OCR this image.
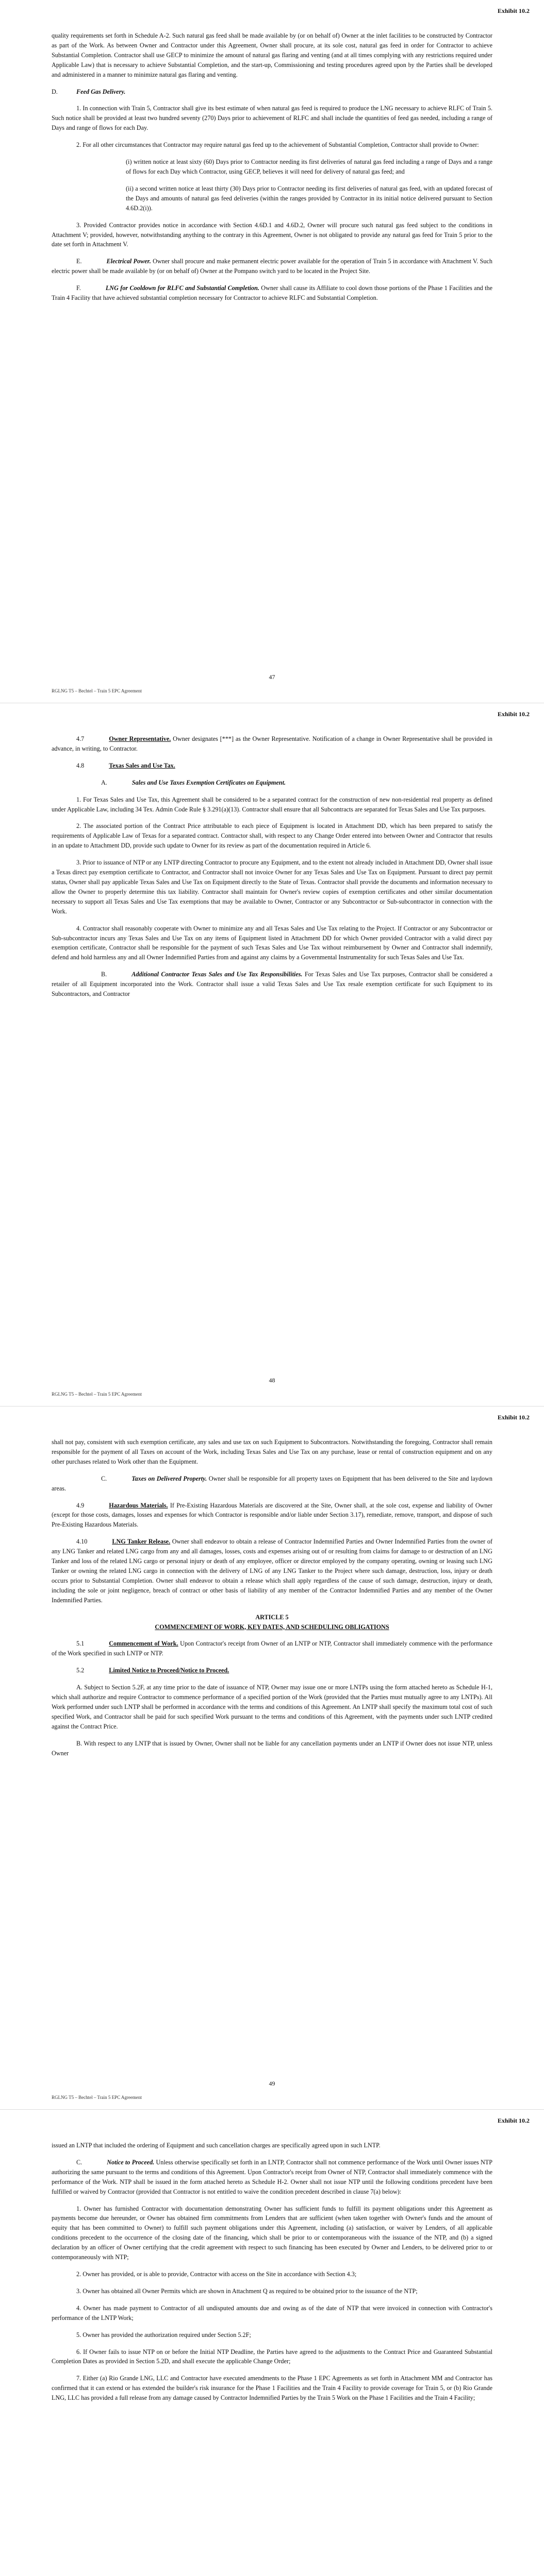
Exhibit 10.2

quality requirements set forth in Schedule A-2. Such natural gas feed shall be made available by (or on behalf of) Owner at the inlet facilities to be constructed by Contractor as part of the Work. As between Owner and Contractor under this Agreement, Owner shall procure, at its sole cost, natural gas feed in order for Contractor to achieve Substantial Completion. Contractor shall use GECP to minimize the amount of natural gas flaring and venting (and at all times complying with any restrictions required under Applicable Law) that is necessary to achieve Substantial Completion, and the start-up, Commissioning and testing procedures agreed upon by the Parties shall be developed and administered in a manner to minimize natural gas flaring and venting.

D.	Feed Gas Delivery.

1. In connection with Train 5, Contractor shall give its best estimate of when natural gas feed is required to produce the LNG necessary to achieve RLFC of Train 5. Such notice shall be provided at least two hundred seventy (270) Days prior to achievement of RLFC and shall include the quantities of feed gas needed, including a range of Days and range of flows for each Day.

2. For all other circumstances that Contractor may require natural gas feed up to the achievement of Substantial Completion, Contractor shall provide to Owner:

(i) written notice at least sixty (60) Days prior to Contractor needing its first deliveries of natural gas feed including a range of Days and a range of flows for each Day which Contractor, using GECP, believes it will need for delivery of natural gas feed; and

(ii) a second written notice at least thirty (30) Days prior to Contractor needing its first deliveries of natural gas feed, with an updated forecast of the Days and amounts of natural gas feed deliveries (within the ranges provided by Contractor in its initial notice delivered pursuant to Section 4.6D.2(i)).

3. Provided Contractor provides notice in accordance with Section 4.6D.1 and 4.6D.2, Owner will procure such natural gas feed subject to the conditions in Attachment V; provided, however, notwithstanding anything to the contrary in this Agreement, Owner is not obligated to provide any natural gas feed for Train 5 prior to the date set forth in Attachment V.

E.	Electrical Power. Owner shall procure and make permanent electric power available for the operation of Train 5 in accordance with Attachment V. Such electric power shall be made available by (or on behalf of) Owner at the Pompano switch yard to be located in the Project Site.

F.	LNG for Cooldown for RLFC and Substantial Completion. Owner shall cause its Affiliate to cool down those portions of the Phase 1 Facilities and the Train 4 Facility that have achieved substantial completion necessary for Contractor to achieve RLFC and Substantial Completion.

RGLNG T5 – Bechtel – Train 5 EPC Agreement
47
Exhibit 10.2

4.7	Owner Representative. Owner designates [***] as the Owner Representative. Notification of a change in Owner Representative shall be provided in advance, in writing, to Contractor.

4.8	Texas Sales and Use Tax.

A.	Sales and Use Taxes Exemption Certificates on Equipment.

1. For Texas Sales and Use Tax, this Agreement shall be considered to be a separated contract for the construction of new non-residential real property as defined under Applicable Law, including 34 Tex. Admin Code Rule § 3.291(a)(13). Contractor shall ensure that all Subcontracts are separated for Texas Sales and Use Tax purposes.

2. The associated portion of the Contract Price attributable to each piece of Equipment is located in Attachment DD, which has been prepared to satisfy the requirements of Applicable Law of Texas for a separated contract. Contractor shall, with respect to any Change Order entered into between Owner and Contractor that results in an update to Attachment DD, provide such update to Owner for its review as part of the documentation required in Article 6.

3. Prior to issuance of NTP or any LNTP directing Contractor to procure any Equipment, and to the extent not already included in Attachment DD, Owner shall issue a Texas direct pay exemption certificate to Contractor, and Contractor shall not invoice Owner for any Texas Sales and Use Tax on Equipment. Pursuant to direct pay permit status, Owner shall pay applicable Texas Sales and Use Tax on Equipment directly to the State of Texas. Contractor shall provide the documents and information necessary to allow the Owner to properly determine this tax liability. Contractor shall maintain for Owner's review copies of exemption certificates and other similar documentation necessary to support all Texas Sales and Use Tax exemptions that may be available to Owner, Contractor or any Subcontractor or Sub-subcontractor in connection with the Work.

4. Contractor shall reasonably cooperate with Owner to minimize any and all Texas Sales and Use Tax relating to the Project. If Contractor or any Subcontractor or Sub-subcontractor incurs any Texas Sales and Use Tax on any items of Equipment listed in Attachment DD for which Owner provided Contractor with a valid direct pay exemption certificate, Contractor shall be responsible for the payment of such Texas Sales and Use Tax without reimbursement by Owner and Contractor shall indemnify, defend and hold harmless any and all Owner Indemnified Parties from and against any claims by a Governmental Instrumentality for such Texas Sales and Use Tax.

B.	Additional Contractor Texas Sales and Use Tax Responsibilities. For Texas Sales and Use Tax purposes, Contractor shall be considered a retailer of all Equipment incorporated into the Work. Contractor shall issue a valid Texas Sales and Use Tax resale exemption certificate for such Equipment to its Subcontractors, and Contractor

RGLNG T5 – Bechtel – Train 5 EPC Agreement
48
Exhibit 10.2

shall not pay, consistent with such exemption certificate, any sales and use tax on such Equipment to Subcontractors. Notwithstanding the foregoing, Contractor shall remain responsible for the payment of all Taxes on account of the Work, including Texas Sales and Use Tax on any purchase, lease or rental of construction equipment and on any other purchases related to Work other than the Equipment.

C.	Taxes on Delivered Property. Owner shall be responsible for all property taxes on Equipment that has been delivered to the Site and laydown areas.

4.9	Hazardous Materials. If Pre-Existing Hazardous Materials are discovered at the Site, Owner shall, at the sole cost, expense and liability of Owner (except for those costs, damages, losses and expenses for which Contractor is responsible and/or liable under Section 3.17), remediate, remove, transport, and dispose of such Pre-Existing Hazardous Materials.

4.10	LNG Tanker Release. Owner shall endeavor to obtain a release of Contractor Indemnified Parties and Owner Indemnified Parties from the owner of any LNG Tanker and related LNG cargo from any and all damages, losses, costs and expenses arising out of or resulting from claims for damage to or destruction of an LNG Tanker and loss of the related LNG cargo or personal injury or death of any employee, officer or director employed by the company operating, owning or leasing such LNG Tanker or owning the related LNG cargo in connection with the delivery of LNG of any LNG Tanker to the Project where such damage, destruction, loss, injury or death occurs prior to Substantial Completion. Owner shall endeavor to obtain a release which shall apply regardless of the cause of such damage, destruction, injury or death, including the sole or joint negligence, breach of contract or other basis of liability of any member of the Contractor Indemnified Parties and any member of the Owner Indemnified Parties.

ARTICLE 5

COMMENCEMENT OF WORK, KEY DATES, AND SCHEDULING OBLIGATIONS

5.1	Commencement of Work. Upon Contractor's receipt from Owner of an LNTP or NTP, Contractor shall immediately commence with the performance of the Work specified in such LNTP or NTP.

5.2	Limited Notice to Proceed/Notice to Proceed.

A. Subject to Section 5.2F, at any time prior to the date of issuance of NTP, Owner may issue one or more LNTPs using the form attached hereto as Schedule H-1, which shall authorize and require Contractor to commence performance of a specified portion of the Work (provided that the Parties must mutually agree to any LNTPs). All Work performed under such LNTP shall be performed in accordance with the terms and conditions of this Agreement. An LNTP shall specify the maximum total cost of such specified Work, and Contractor shall be paid for such specified Work pursuant to the terms and conditions of this Agreement, with the payments under such LNTP credited against the Contract Price.

B. With respect to any LNTP that is issued by Owner, Owner shall not be liable for any cancellation payments under an LNTP if Owner does not issue NTP, unless Owner

RGLNG T5 – Bechtel – Train 5 EPC Agreement
49
Exhibit 10.2

issued an LNTP that included the ordering of Equipment and such cancellation charges are specifically agreed upon in such LNTP.

C.	Notice to Proceed. Unless otherwise specifically set forth in an LNTP, Contractor shall not commence performance of the Work until Owner issues NTP authorizing the same pursuant to the terms and conditions of this Agreement. Upon Contractor's receipt from Owner of NTP, Contractor shall immediately commence with the performance of the Work. NTP shall be issued in the form attached hereto as Schedule H-2. Owner shall not issue NTP until the following conditions precedent have been fulfilled or waived by Contractor (provided that Contractor is not entitled to waive the condition precedent described in clause 7(a) below):

1. Owner has furnished Contractor with documentation demonstrating Owner has sufficient funds to fulfill its payment obligations under this Agreement as payments become due hereunder, or Owner has obtained firm commitments from Lenders that are sufficient (when taken together with Owner's funds and the amount of equity that has been committed to Owner) to fulfill such payment obligations under this Agreement, including (a) satisfaction, or waiver by Lenders, of all applicable conditions precedent to the occurrence of the closing date of the financing, which shall be prior to or contemporaneous with the issuance of the NTP, and (b) a signed declaration by an officer of Owner certifying that the credit agreement with respect to such financing has been executed by Owner and Lenders, to be delivered prior to or contemporaneously with NTP;

2. Owner has provided, or is able to provide, Contractor with access on the Site in accordance with Section 4.3;

3. Owner has obtained all Owner Permits which are shown in Attachment Q as required to be obtained prior to the issuance of the NTP;

4. Owner has made payment to Contractor of all undisputed amounts due and owing as of the date of NTP that were invoiced in connection with Contractor's performance of the LNTP Work;

5. Owner has provided the authorization required under Section 5.2F;

6. If Owner fails to issue NTP on or before the Initial NTP Deadline, the Parties have agreed to the adjustments to the Contract Price and Guaranteed Substantial Completion Dates as provided in Section 5.2D, and shall execute the applicable Change Order;

7. Either (a) Rio Grande LNG, LLC and Contractor have executed amendments to the Phase 1 EPC Agreements as set forth in Attachment MM and Contractor has confirmed that it can extend or has extended the builder's risk insurance for the Phase 1 Facilities and the Train 4 Facility to provide coverage for Train 5, or (b) Rio Grande LNG, LLC has provided a full release from any damage caused by Contractor Indemnified Parties by the Train 5 Work on the Phase 1 Facilities and the Train 4 Facility;
